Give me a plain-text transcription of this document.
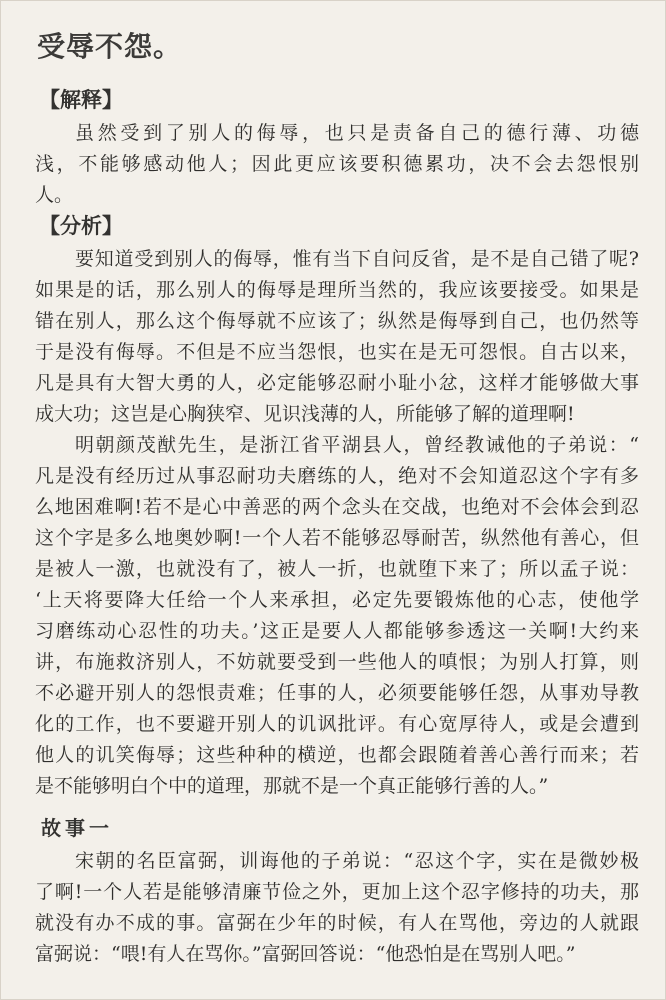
受辱不怨。
【解释】
虽然受到了别人的侮辱，也只是责备自己的德行薄、功德
浅，不能够感动他人；因此更应该要积德累功，决不会去怨恨别
人。
【分析】
要知道受到别人的侮辱，惟有当下自问反省，是不是自己错了呢?
如果是的话，那么别人的侮辱是理所当然的，我应该要接受。如果是
错在别人，那么这个侮辱就不应该了；纵然是侮辱到自己，也仍然等
于是没有侮辱。不但是不应当怨恨，也实在是无可怨恨。自古以来，
凡是具有大智大勇的人，必定能够忍耐小耻小忿，这样才能够做大事
成大功；这岂是心胸狭窄、见识浅薄的人，所能够了解的道理啊!
明朝颜茂猷先生，是浙江省平湖县人，曾经教诫他的子弟说：“
凡是没有经历过从事忍耐功夫磨练的人，绝对不会知道忍这个字有多
么地困难啊!若不是心中善恶的两个念头在交战，也绝对不会体会到忍
这个字是多么地奥妙啊!一个人若不能够忍辱耐苦，纵然他有善心，但
是被人一激，也就没有了，被人一折，也就堕下来了；所以孟子说：
‘上天将要降大任给一个人来承担，必定先要锻炼他的心志，使他学
习磨练动心忍性的功夫。’这正是要人人都能够参透这一关啊!大约来
讲，布施救济别人，不妨就要受到一些他人的嗔恨；为别人打算，则
不必避开别人的怨恨责难；任事的人，必须要能够任怨，从事劝导教
化的工作，也不要避开别人的讥讽批评。有心宽厚待人，或是会遭到
他人的讥笑侮辱；这些种种的横逆，也都会跟随着善心善行而来；若
是不能够明白个中的道理，那就不是一个真正能够行善的人。”
故事一
宋朝的名臣富弼，训诲他的子弟说：“忍这个字，实在是微妙极
了啊!一个人若是能够清廉节俭之外，更加上这个忍字修持的功夫，那
就没有办不成的事。富弼在少年的时候，有人在骂他，旁边的人就跟
富弼说：“喂!有人在骂你。”富弼回答说：“他恐怕是在骂别人吧。”
